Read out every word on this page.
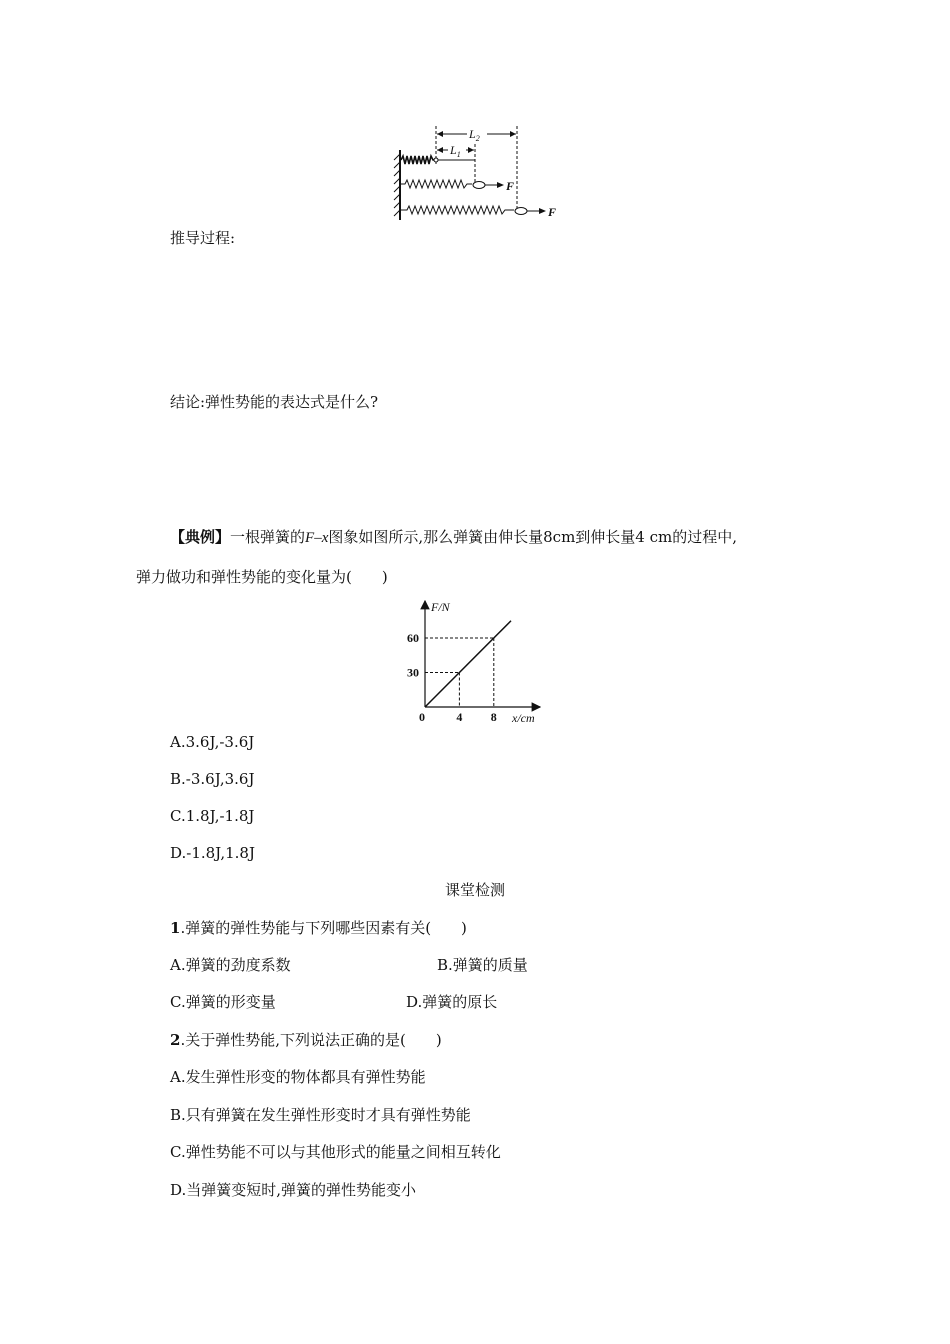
$L_2$
$L_1$
F
F
推导过程:
结论:弹性势能的表达式是什么?
【典例】一根弹簧的F–x图象如图所示,那么弹簧由伸长量8cm到伸长量4 cm的过程中,
弹力做功和弹性势能的变化量为(　　)
4
30
8
60
F/N
x/cm
0
A.3.6J,-3.6J
B.-3.6J,3.6J
C.1.8J,-1.8J
D.-1.8J,1.8J
课堂检测
1.弹簧的弹性势能与下列哪些因素有关(　　)
A.弹簧的劲度系数	B.弹簧的质量
C.弹簧的形变量	D.弹簧的原长
2.关于弹性势能,下列说法正确的是(　　)
A.发生弹性形变的物体都具有弹性势能
B.只有弹簧在发生弹性形变时才具有弹性势能
C.弹性势能不可以与其他形式的能量之间相互转化
D.当弹簧变短时,弹簧的弹性势能变小
